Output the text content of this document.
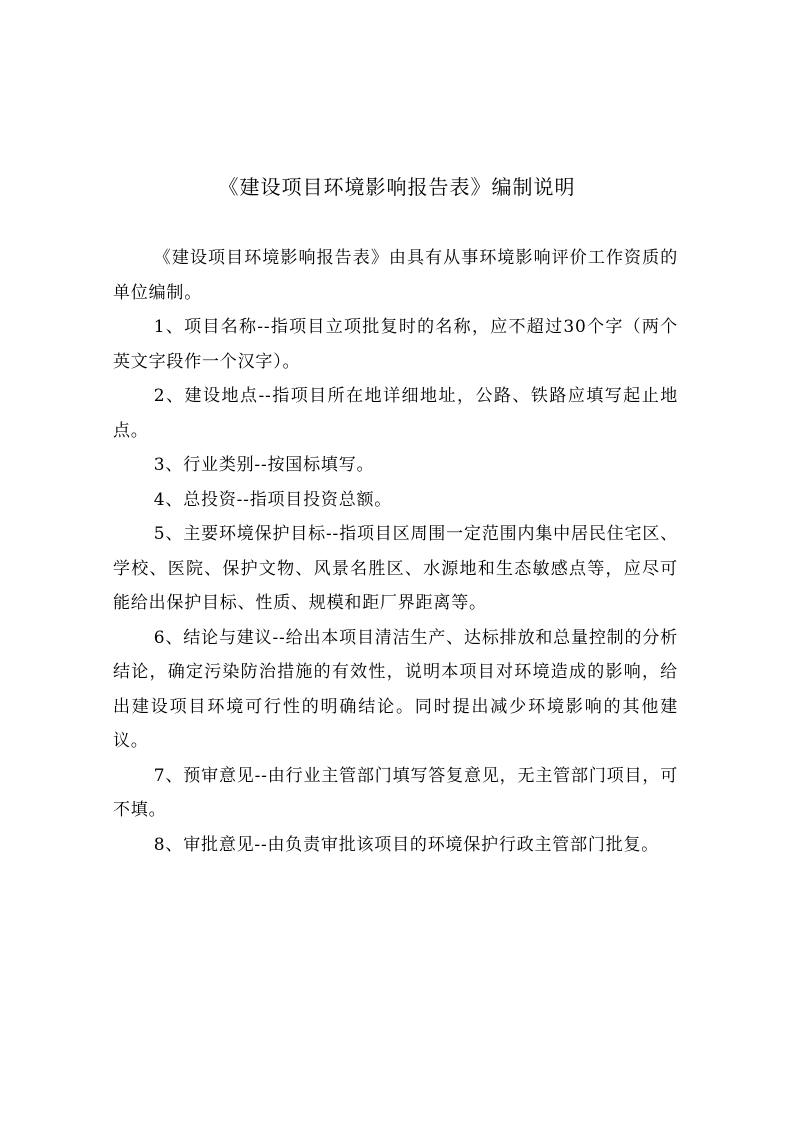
《建设项目环境影响报告表》编制说明

《建设项目环境影响报告表》由具有从事环境影响评价工作资质的单位编制。

1、项目名称--指项目立项批复时的名称，应不超过30个字（两个英文字段作一个汉字）。

2、建设地点--指项目所在地详细地址，公路、铁路应填写起止地点。

3、行业类别--按国标填写。

4、总投资--指项目投资总额。

5、主要环境保护目标--指项目区周围一定范围内集中居民住宅区、学校、医院、保护文物、风景名胜区、水源地和生态敏感点等，应尽可能给出保护目标、性质、规模和距厂界距离等。

6、结论与建议--给出本项目清洁生产、达标排放和总量控制的分析结论，确定污染防治措施的有效性，说明本项目对环境造成的影响，给出建设项目环境可行性的明确结论。同时提出减少环境影响的其他建议。

7、预审意见--由行业主管部门填写答复意见，无主管部门项目，可不填。

8、审批意见--由负责审批该项目的环境保护行政主管部门批复。
